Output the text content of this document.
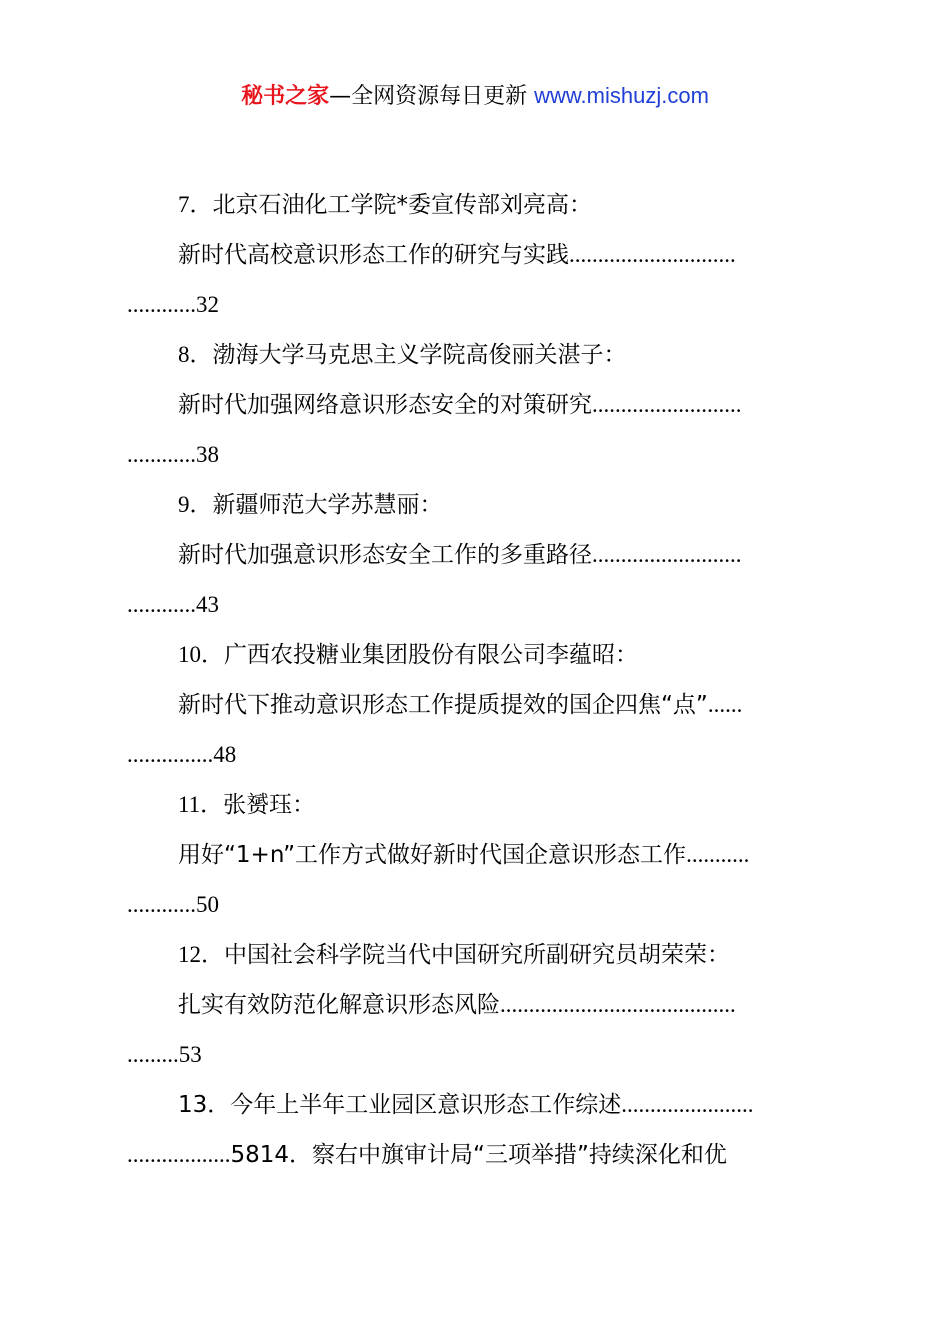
秘书之家—全网资源每日更新 www.mishuzj.com
7．北京石油化工学院*委宣传部刘亮高：
新时代高校意识形态工作的研究与实践.............................
............32
8．渤海大学马克思主义学院高俊丽关湛子：
新时代加强网络意识形态安全的对策研究..........................
............38
9．新疆师范大学苏慧丽：
新时代加强意识形态安全工作的多重路径..........................
............43
10．广西农投糖业集团股份有限公司李蕴昭：
新时代下推动意识形态工作提质提效的国企四焦“点”......
...............48
11．张赟珏：
用好“1+n”工作方式做好新时代国企意识形态工作...........
............50
12．中国社会科学院当代中国研究所副研究员胡荣荣：
扎实有效防范化解意识形态风险.........................................
.........53
13．今年上半年工业园区意识形态工作综述.......................
..................5814．察右中旗审计局“三项举措”持续深化和优
